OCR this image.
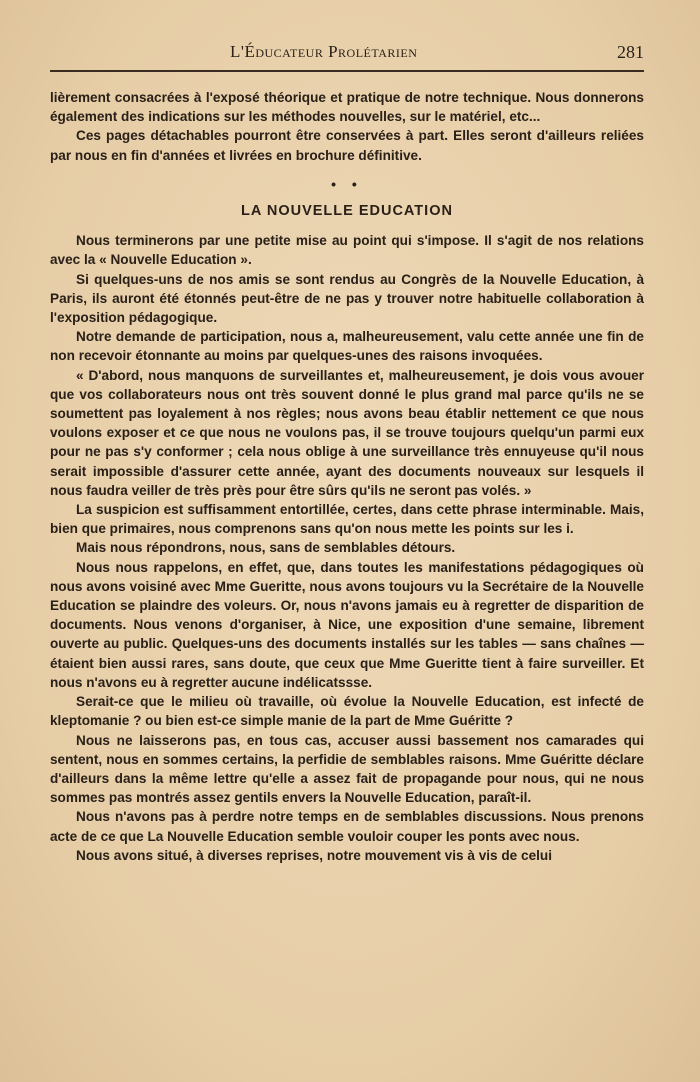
L'Éducateur Prolétarien	281

lièrement consacrées à l'exposé théorique et pratique de notre technique. Nous donnerons également des indications sur les méthodes nouvelles, sur le matériel, etc...

Ces pages détachables pourront être conservées à part. Elles seront d'ailleurs reliées par nous en fin d'années et livrées en brochure définitive.

• •
LA NOUVELLE EDUCATION

Nous terminerons par une petite mise au point qui s'impose. Il s'agit de nos relations avec la « Nouvelle Education ».

Si quelques-uns de nos amis se sont rendus au Congrès de la Nouvelle Education, à Paris, ils auront été étonnés peut-être de ne pas y trouver notre habituelle collaboration à l'exposition pédagogique.

Notre demande de participation, nous a, malheureusement, valu cette année une fin de non recevoir étonnante au moins par quelques-unes des raisons invoquées.

« D'abord, nous manquons de surveillantes et, malheureusement, je dois vous avouer que vos collaborateurs nous ont très souvent donné le plus grand mal parce qu'ils ne se soumettent pas loyalement à nos règles; nous avons beau établir nettement ce que nous voulons exposer et ce que nous ne voulons pas, il se trouve toujours quelqu'un parmi eux pour ne pas s'y conformer ; cela nous oblige à une surveillance très ennuyeuse qu'il nous serait impossible d'assurer cette année, ayant des documents nouveaux sur lesquels il nous faudra veiller de très près pour être sûrs qu'ils ne seront pas volés. »

La suspicion est suffisamment entortillée, certes, dans cette phrase interminable. Mais, bien que primaires, nous comprenons sans qu'on nous mette les points sur les i.

Mais nous répondrons, nous, sans de semblables détours.

Nous nous rappelons, en effet, que, dans toutes les manifestations pédagogiques où nous avons voisiné avec Mme Gueritte, nous avons toujours vu la Secrétaire de la Nouvelle Education se plaindre des voleurs. Or, nous n'avons jamais eu à regretter de disparition de documents. Nous venons d'organiser, à Nice, une exposition d'une semaine, librement ouverte au public. Quelques-uns des documents installés sur les tables — sans chaînes — étaient bien aussi rares, sans doute, que ceux que Mme Gueritte tient à faire surveiller. Et nous n'avons eu à regretter aucune indélicatssse.

Serait-ce que le milieu où travaille, où évolue la Nouvelle Education, est infecté de kleptomanie ? ou bien est-ce simple manie de la part de Mme Guéritte ?

Nous ne laisserons pas, en tous cas, accuser aussi bassement nos camarades qui sentent, nous en sommes certains, la perfidie de semblables raisons. Mme Guéritte déclare d'ailleurs dans la même lettre qu'elle a assez fait de propagande pour nous, qui ne nous sommes pas montrés assez gentils envers la Nouvelle Education, paraît-il.

Nous n'avons pas à perdre notre temps en de semblables discussions. Nous prenons acte de ce que La Nouvelle Education semble vouloir couper les ponts avec nous.

Nous avons situé, à diverses reprises, notre mouvement vis à vis de celui
